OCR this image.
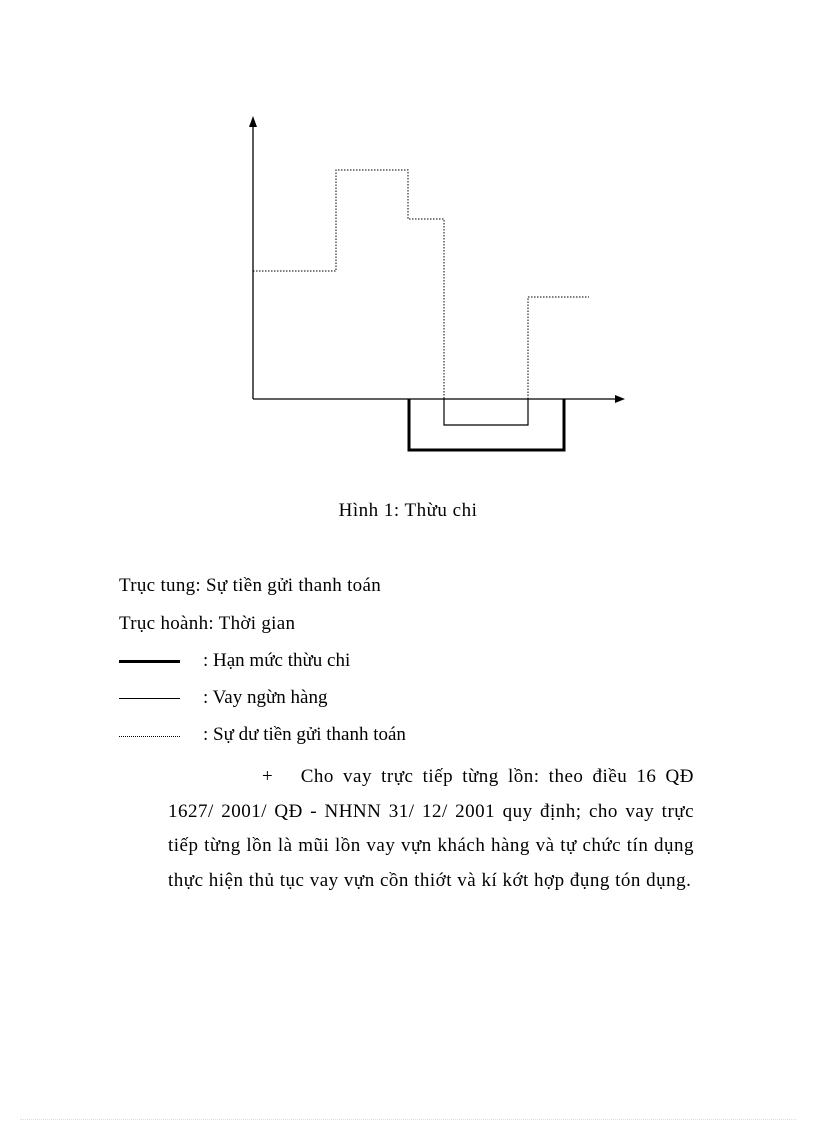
Hình 1: Thừu chi
Trục tung: Sự tiền gửi thanh toán
Trục hoành: Thời gian
: Hạn mức thừu chi
: Vay ngừn hàng
: Sự dư tiền gửi thanh toán
+ Cho vay trực tiếp từng lồn: theo điều 16 QĐ 1627/ 2001/ QĐ - NHNN 31/ 12/ 2001 quy định; cho vay trực tiếp từng lồn là mũi lồn vay vựn khách hàng và tự chức tín dụng thực hiện thủ tục vay vựn cồn thiớt và kí kớt hợp đụng tón dụng.
